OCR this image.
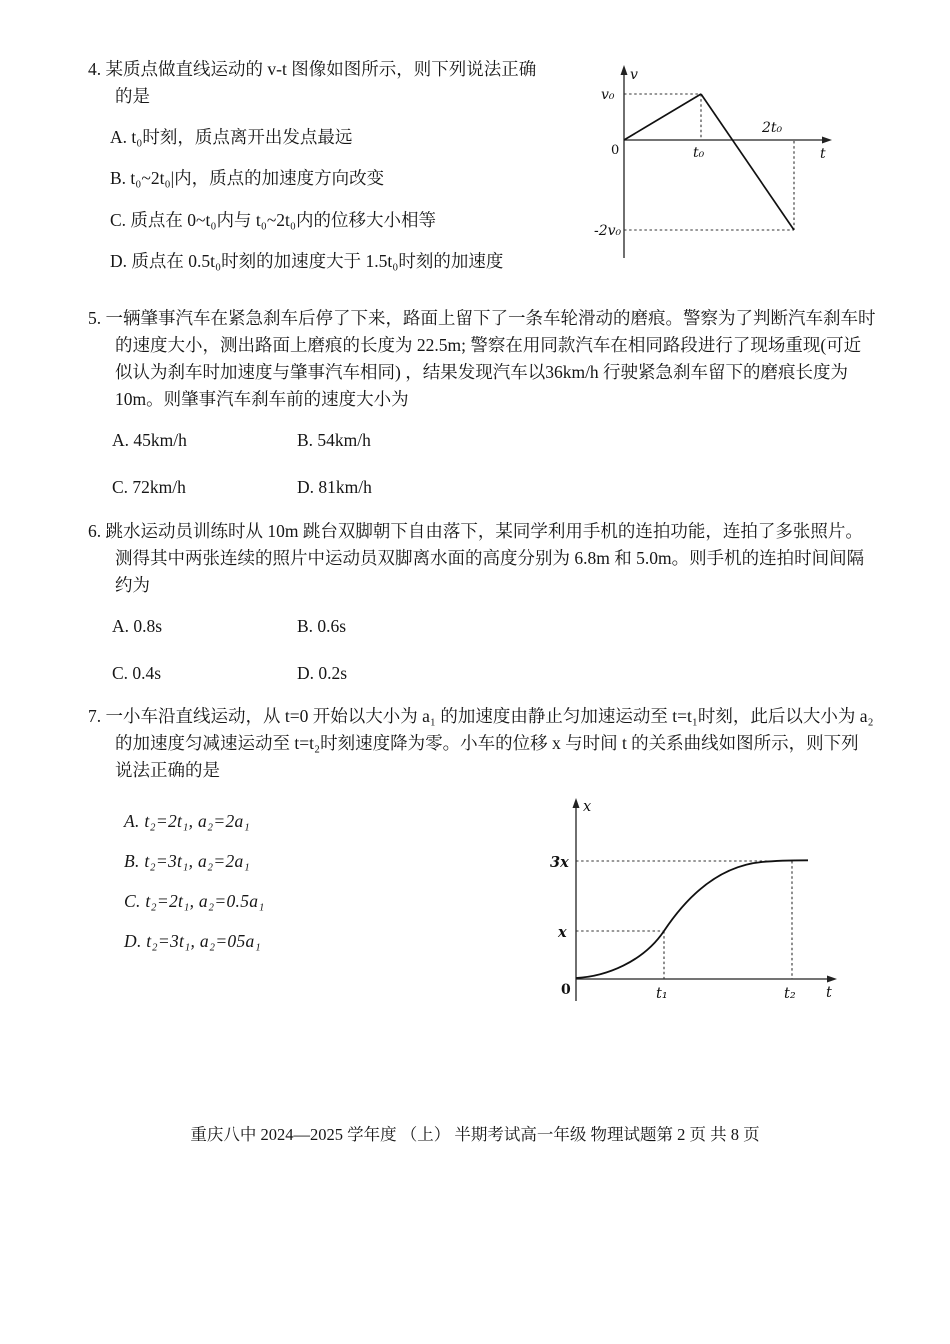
4. 某质点做直线运动的 v-t 图像如图所示，则下列说法正确的是

A. t₀时刻，质点离开出发点最远

B. t₀~2t₀|内，质点的加速度方向改变

C. 质点在 0~t₀内与 t₀~2t₀内的位移大小相等

D. 质点在 0.5t₀时刻的加速度大于 1.5t₀时刻的加速度

v
t
v₀
t₀
2t₀
-2v₀
0

5. 一辆肇事汽车在紧急刹车后停了下来，路面上留下了一条车轮滑动的磨痕。警察为了判断汽车刹车时的速度大小，测出路面上磨痕的长度为 22.5m; 警察在用同款汽车在相同路段进行了现场重现(可近似认为刹车时加速度与肇事汽车相同) ，结果发现汽车以36km/h 行驶紧急刹车留下的磨痕长度为 10m。则肇事汽车刹车前的速度大小为

A. 45km/h	B. 54km/h

C. 72km/h	D. 81km/h

6. 跳水运动员训练时从 10m 跳台双脚朝下自由落下，某同学利用手机的连拍功能，连拍了多张照片。测得其中两张连续的照片中运动员双脚离水面的高度分别为 6.8m 和 5.0m。则手机的连拍时间间隔约为

A. 0.8s	B. 0.6s

C. 0.4s	D. 0.2s

7. 一小车沿直线运动，从 t=0 开始以大小为 a₁ 的加速度由静止匀加速运动至 t=t₁时刻，此后以大小为 a₂ 的加速度匀减速运动至 t=t₂时刻速度降为零。小车的位移 x 与时间 t 的关系曲线如图所示，则下列说法正确的是

A. t₂=2t₁, a₂=2a₁

B. t₂=3t₁, a₂=2a₁

C. t₂=2t₁, a₂=0.5a₁

D. t₂=3t₁, a₂=05a₁

x
t
3x
x
t₁	t₂
0

重庆八中 2024—2025 学年度 （上） 半期考试高一年级 物理试题第 2 页 共 8 页
